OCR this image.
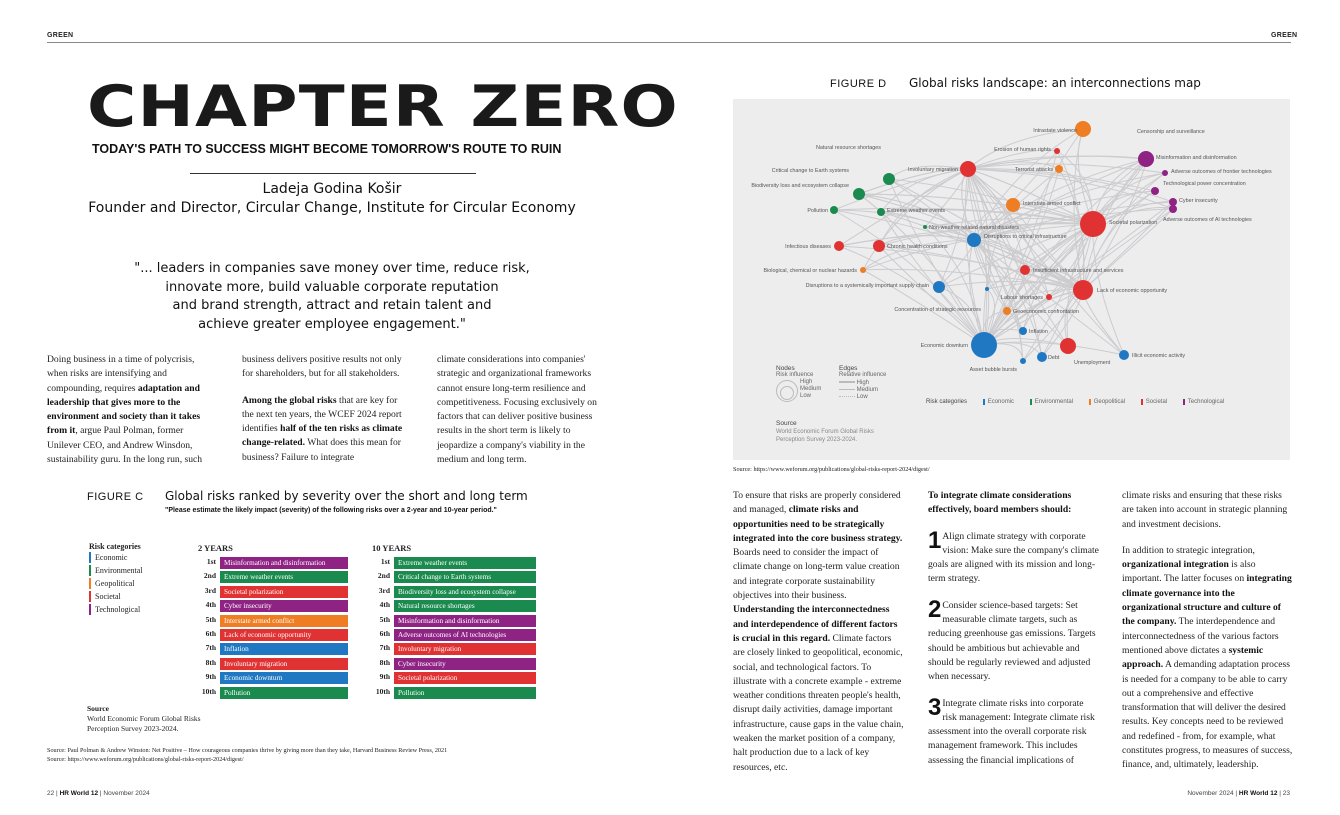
GREEN	GREEN
CHAPTER ZERO
TODAY'S PATH TO SUCCESS MIGHT BECOME TOMORROW'S ROUTE TO RUIN
Ladeja Godina Košir
Founder and Director, Circular Change, Institute for Circular Economy
"... leaders in companies save money over time, reduce risk,
innovate more, build valuable corporate reputation
and brand strength, attract and retain talent and
achieve greater employee engagement."
Doing business in a time of polycrisis, when risks are intensifying and compounding, requires adaptation and leadership that gives more to the environment and society than it takes from it, argue Paul Polman, former Unilever CEO, and Andrew Winsdon, sustainability guru. In the long run, such

business delivers positive results not only for shareholders, but for all stakeholders.

Among the global risks that are key for the next ten years, the WCEF 2024 report identifies half of the ten risks as climate change-related. What does this mean for business? Failure to integrate

climate considerations into companies' strategic and organizational frameworks cannot ensure long-term resilience and competitiveness. Focusing exclusively on factors that can deliver positive business results in the short term is likely to jeopardize a company's viability in the medium and long term.

FIGURE C Global risks ranked by severity over the short and long term
"Please estimate the likely impact (severity) of the following risks over a 2-year and 10-year period."
Risk categories
Economic
Environmental
Geopolitical
Societal
Technological
2 YEARS	10 YEARS
1st	Misinformation and disinformation
2nd	Extreme weather events
3rd	Societal polarization
4th	Cyber insecurity
5th	Interstate armed conflict
6th	Lack of economic opportunity
7th	Inflation
8th	Involuntary migration
9th	Economic downturn
10th	Pollution
1st	Extreme weather events
2nd	Critical change to Earth systems
3rd	Biodiversity loss and ecosystem collapse
4th	Natural resource shortages
5th	Misinformation and disinformation
6th	Adverse outcomes of AI technologies
7th	Involuntary migration
8th	Cyber insecurity
9th	Societal polarization
10th	Pollution
Source
World Economic Forum Global Risks Perception Survey 2023-2024.
Source: Paul Polman & Andrew Winston: Net Positive – How courageous companies thrive by giving more than they take, Harvard Business Review Press, 2021
Source: https://www.weforum.org/publications/global-risks-report-2024/digest/
FIGURE D Global risks landscape: an interconnections map
Intrastate violence	Censorship and surveillance
Natural resource shortages	Erosion of human rights
Misinformation and disinformation
Critical change to Earth systems	Involuntary migration	Terrorist attacks	Adverse outcomes of frontier technologies
Biodiversity loss and ecosystem collapse	Technological power concentration
Cyber insecurity
Interstate armed conflict
Pollution	Extreme weather events
Adverse outcomes of AI technologies
Societal polarization
Non-weather related natural disasters
Disruptions to critical infrastructure
Infectious diseases	Chronic health conditions
Insufficient infrastructure and services
Biological, chemical or nuclear hazards
Disruptions to a systemically important supply chain
Lack of economic opportunity
Labour shortages
Geoeconomic confrontation
Concentration of strategic resources
Inflation
Economic downturn
Illicit economic activity
Debt
Unemployment
Asset bubble bursts
Nodes
Risk influence
High
Medium
Low
Edges
Relative influence
High
Medium
Low
Risk categories	Economic	Environmental	Geopolitical	Societal	Technological
Source
World Economic Forum Global Risks
Perception Survey 2023-2024.
Source: https://www.weforum.org/publications/global-risks-report-2024/digest/
To ensure that risks are properly considered and managed, climate risks and opportunities need to be strategically integrated into the core business strategy. Boards need to consider the impact of climate change on long-term value creation and integrate corporate sustainability objectives into their business. Understanding the interconnectedness and interdependence of different factors is crucial in this regard. Climate factors are closely linked to geopolitical, economic, social, and technological factors. To illustrate with a concrete example - extreme weather conditions threaten people's health, disrupt daily activities, damage important infrastructure, cause gaps in the value chain, weaken the market position of a company, halt production due to a lack of key resources, etc.

To integrate climate considerations effectively, board members should:

1 Align climate strategy with corporate vision: Make sure the company's climate goals are aligned with its mission and long-term strategy.

2 Consider science-based targets: Set measurable climate targets, such as reducing greenhouse gas emissions. Targets should be ambitious but achievable and should be regularly reviewed and adjusted when necessary.

3 Integrate climate risks into corporate risk management: Integrate climate risk assessment into the overall corporate risk management framework. This includes assessing the financial implications of

climate risks and ensuring that these risks are taken into account in strategic planning and investment decisions.

In addition to strategic integration, organizational integration is also important. The latter focuses on integrating climate governance into the organizational structure and culture of the company. The interdependence and interconnectedness of the various factors mentioned above dictates a systemic approach. A demanding adaptation process is needed for a company to be able to carry out a comprehensive and effective transformation that will deliver the desired results. Key concepts need to be reviewed and redefined - from, for example, what constitutes progress, to measures of success, finance, and, ultimately, leadership.

22 | HR World 12 | November 2024	November 2024 | HR World 12 | 23
